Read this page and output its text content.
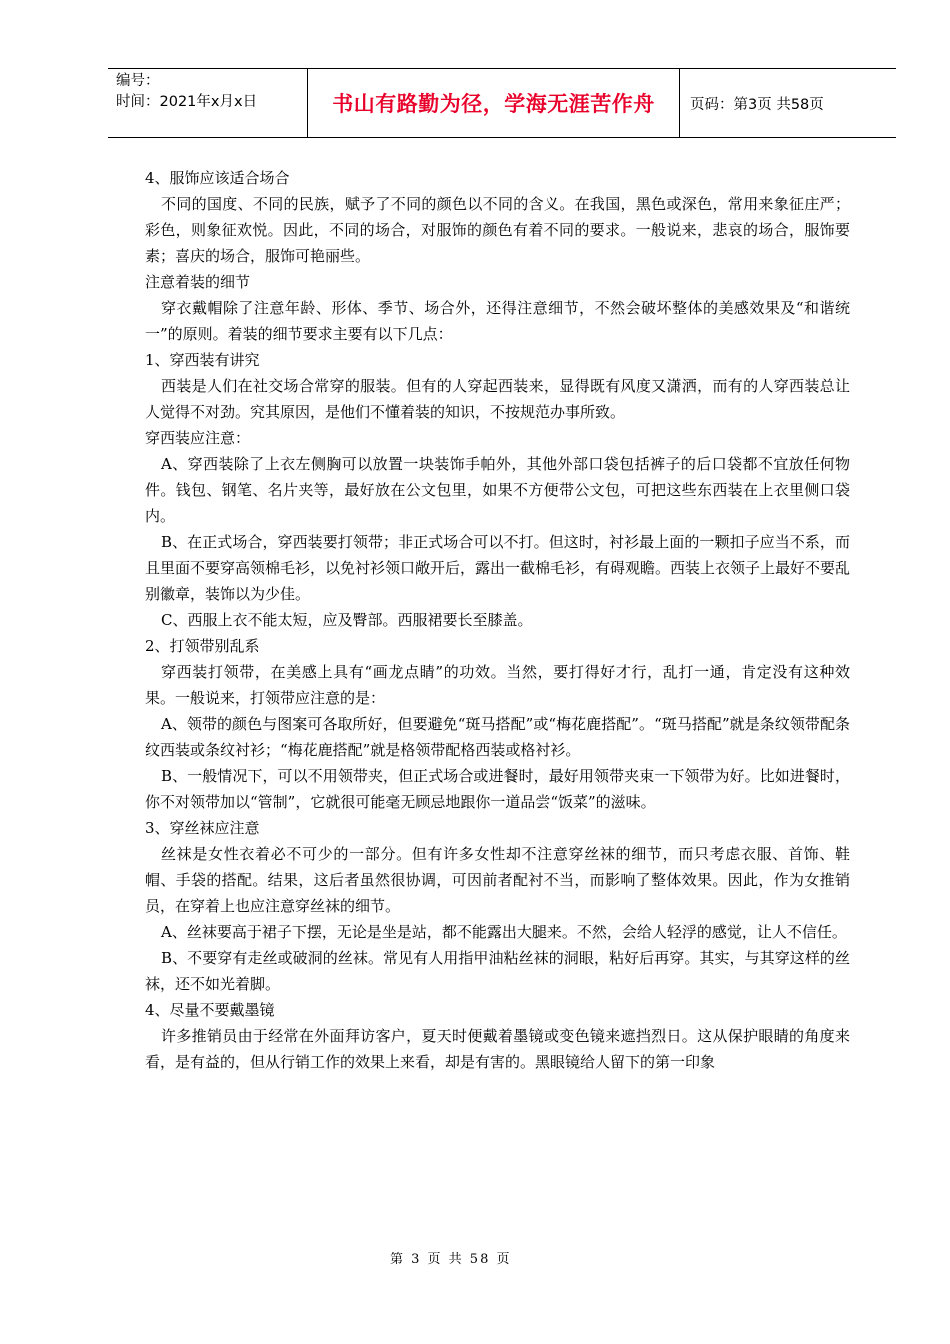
编号：
时间：2021年x月x日	书山有路勤为径，学海无涯苦作舟	页码：第3页 共58页

4、服饰应该适合场合

不同的国度、不同的民族，赋予了不同的颜色以不同的含义。在我国，黑色或深色，常用来象征庄严；彩色，则象征欢悦。因此，不同的场合，对服饰的颜色有着不同的要求。一般说来，悲哀的场合，服饰要素；喜庆的场合，服饰可艳丽些。

注意着装的细节

穿衣戴帽除了注意年龄、形体、季节、场合外，还得注意细节，不然会破坏整体的美感效果及“和谐统一”的原则。着装的细节要求主要有以下几点：

1、穿西装有讲究

西装是人们在社交场合常穿的服装。但有的人穿起西装来，显得既有风度又潇洒，而有的人穿西装总让人觉得不对劲。究其原因，是他们不懂着装的知识，不按规范办事所致。

穿西装应注意：

A、穿西装除了上衣左侧胸可以放置一块装饰手帕外，其他外部口袋包括裤子的后口袋都不宜放任何物件。钱包、钢笔、名片夹等，最好放在公文包里，如果不方便带公文包，可把这些东西装在上衣里侧口袋内。

B、在正式场合，穿西装要打领带；非正式场合可以不打。但这时，衬衫最上面的一颗扣子应当不系，而且里面不要穿高领棉毛衫，以免衬衫领口敞开后，露出一截棉毛衫，有碍观瞻。西装上衣领子上最好不要乱别徽章，装饰以为少佳。

C、西服上衣不能太短，应及臀部。西服裙要长至膝盖。

2、打领带别乱系

穿西装打领带，在美感上具有“画龙点睛”的功效。当然，要打得好才行，乱打一通，肯定没有这种效果。一般说来，打领带应注意的是：

A、领带的颜色与图案可各取所好，但要避免“斑马搭配”或“梅花鹿搭配”。“斑马搭配”就是条纹领带配条纹西装或条纹衬衫；“梅花鹿搭配”就是格领带配格西装或格衬衫。

B、一般情况下，可以不用领带夹，但正式场合或进餐时，最好用领带夹束一下领带为好。比如进餐时，你不对领带加以“管制”，它就很可能毫无顾忌地跟你一道品尝“饭菜”的滋味。

3、穿丝袜应注意

丝袜是女性衣着必不可少的一部分。但有许多女性却不注意穿丝袜的细节，而只考虑衣服、首饰、鞋帽、手袋的搭配。结果，这后者虽然很协调，可因前者配衬不当，而影响了整体效果。因此，作为女推销员，在穿着上也应注意穿丝袜的细节。

A、丝袜要高于裙子下摆，无论是坐是站，都不能露出大腿来。不然，会给人轻浮的感觉，让人不信任。

B、不要穿有走丝或破洞的丝袜。常见有人用指甲油粘丝袜的洞眼，粘好后再穿。其实，与其穿这样的丝袜，还不如光着脚。

4、尽量不要戴墨镜

许多推销员由于经常在外面拜访客户，夏天时便戴着墨镜或变色镜来遮挡烈日。这从保护眼睛的角度来看，是有益的，但从行销工作的效果上来看，却是有害的。黑眼镜给人留下的第一印象

第 3 页 共 58 页
